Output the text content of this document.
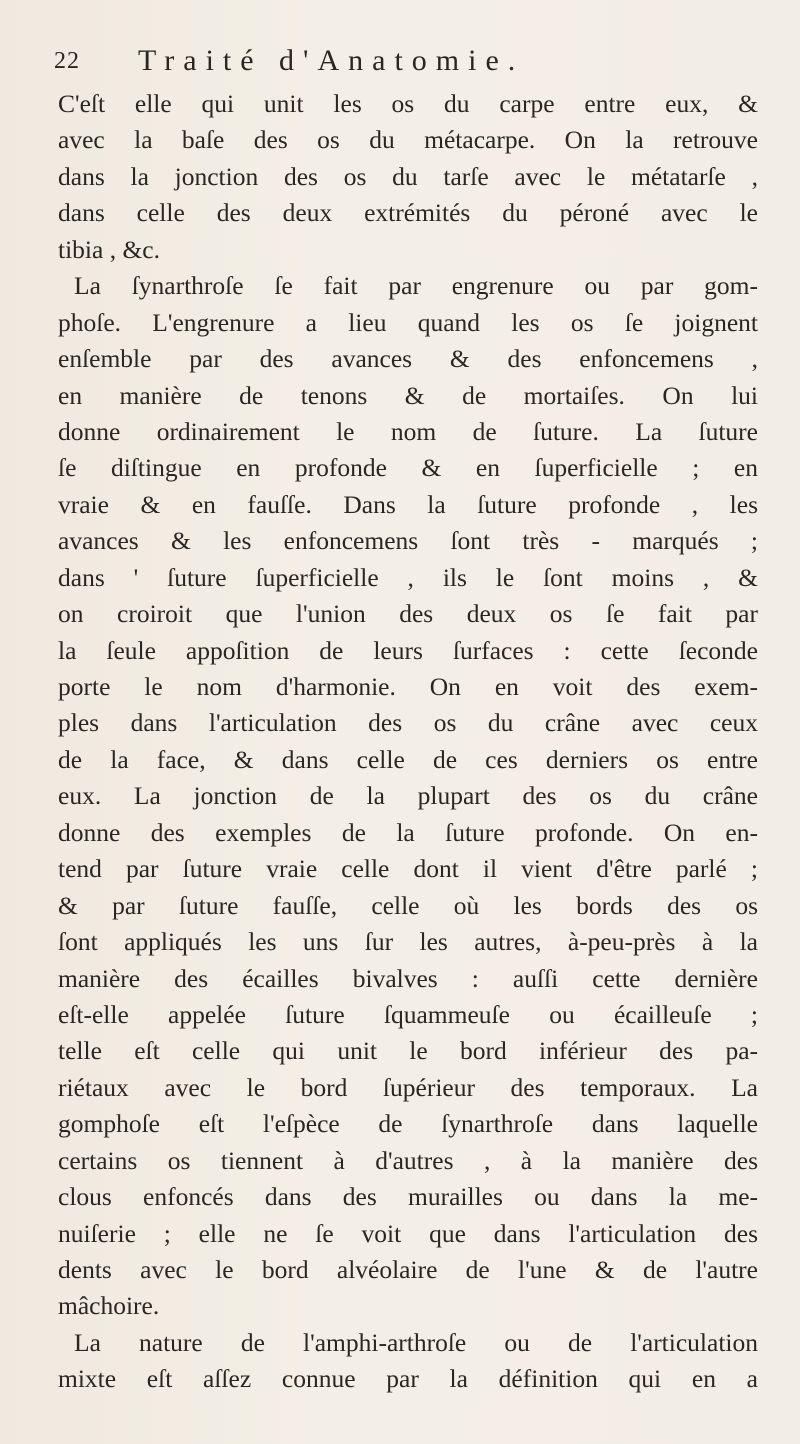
22 Traité d'Anatomie.
C'eſt elle qui unit les os du carpe entre eux, &
avec la baſe des os du métacarpe. On la retrouve
dans la jonction des os du tarſe avec le métatarſe ,
dans celle des deux extrémités du péroné avec le
tibia , &c.
La ſynarthroſe ſe fait par engrenure ou par gom-
phoſe. L'engrenure a lieu quand les os ſe joignent
enſemble par des avances & des enfoncemens ,
en manière de tenons & de mortaiſes. On lui
donne ordinairement le nom de ſuture. La ſuture
ſe diſtingue en profonde & en ſuperficielle ; en
vraie & en fauſſe. Dans la ſuture profonde , les
avances & les enfoncemens ſont très - marqués ;
dans ' ſuture ſuperficielle , ils le ſont moins , &
on croiroit que l'union des deux os ſe fait par
la ſeule appoſition de leurs ſurfaces : cette ſeconde
porte le nom d'harmonie. On en voit des exem-
ples dans l'articulation des os du crâne avec ceux
de la face, & dans celle de ces derniers os entre
eux. La jonction de la plupart des os du crâne
donne des exemples de la ſuture profonde. On en-
tend par ſuture vraie celle dont il vient d'être parlé ;
& par ſuture fauſſe, celle où les bords des os
ſont appliqués les uns ſur les autres, à-peu-près à la
manière des écailles bivalves : auſſi cette dernière
eſt-elle appelée ſuture ſquammeuſe ou écailleuſe ;
telle eſt celle qui unit le bord inférieur des pa-
riétaux avec le bord ſupérieur des temporaux. La
gomphoſe eſt l'eſpèce de ſynarthroſe dans laquelle
certains os tiennent à d'autres , à la manière des
clous enfoncés dans des murailles ou dans la me-
nuiſerie ; elle ne ſe voit que dans l'articulation des
dents avec le bord alvéolaire de l'une & de l'autre
mâchoire.
La nature de l'amphi-arthroſe ou de l'articulation
mixte eſt aſſez connue par la définition qui en a
